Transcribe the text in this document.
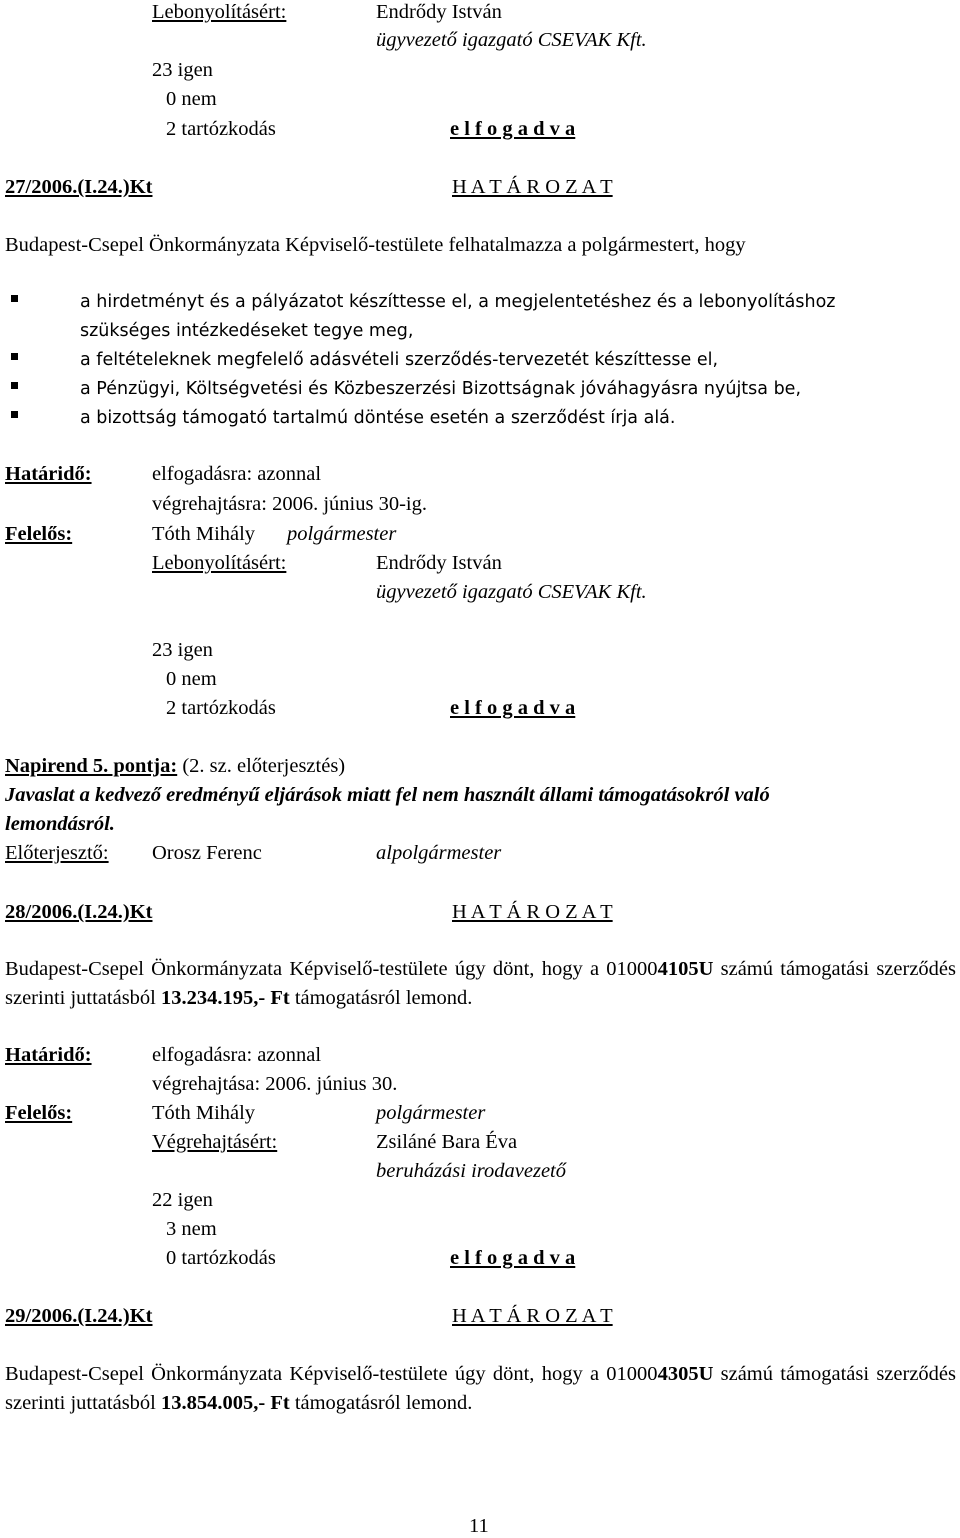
Lebonyolításért:	Endrődy István
ügyvezető igazgató CSEVAK Kft.
23 igen
0 nem
2 tartózkodás	e l f o g a d v a
27/2006.(I.24.)Kt	H A T Á R O Z A T
Budapest-Csepel Önkormányzata Képviselő-testülete felhatalmazza a polgármestert, hogy
a hirdetményt és a pályázatot készíttesse el, a megjelentetéshez és a lebonyolításhoz
szükséges intézkedéseket tegye meg,
a feltételeknek megfelelő adásvételi szerződés-tervezetét készíttesse el,
a Pénzügyi, Költségvetési és Közbeszerzési Bizottságnak jóváhagyásra nyújtsa be,
a bizottság támogató tartalmú döntése esetén a szerződést írja alá.
Határidő:	elfogadásra: azonnal
végrehajtásra: 2006. június 30-ig.
Felelős:	Tóth Mihály polgármester
Lebonyolításért:	Endrődy István
ügyvezető igazgató CSEVAK Kft.
23 igen
0 nem
2 tartózkodás	e l f o g a d v a
Napirend 5. pontja: (2. sz. előterjesztés)
Javaslat a kedvező eredményű eljárások miatt fel nem használt állami támogatásokról való
lemondásról.
Előterjesztő: Orosz Ferenc	alpolgármester
28/2006.(I.24.)Kt	H A T Á R O Z A T
Budapest-Csepel Önkormányzata Képviselő-testülete úgy dönt, hogy a 010004105U számú támogatási szerződés szerinti juttatásból 13.234.195,- Ft támogatásról lemond.
Határidő:	elfogadásra: azonnal
végrehajtása: 2006. június 30.
Felelős:	Tóth Mihály	polgármester
Végrehajtásért:	Zsiláné Bara Éva
beruházási irodavezető
22 igen
3 nem
0 tartózkodás	e l f o g a d v a
29/2006.(I.24.)Kt	H A T Á R O Z A T
Budapest-Csepel Önkormányzata Képviselő-testülete úgy dönt, hogy a 010004305U számú támogatási szerződés szerinti juttatásból 13.854.005,- Ft támogatásról lemond.
11
